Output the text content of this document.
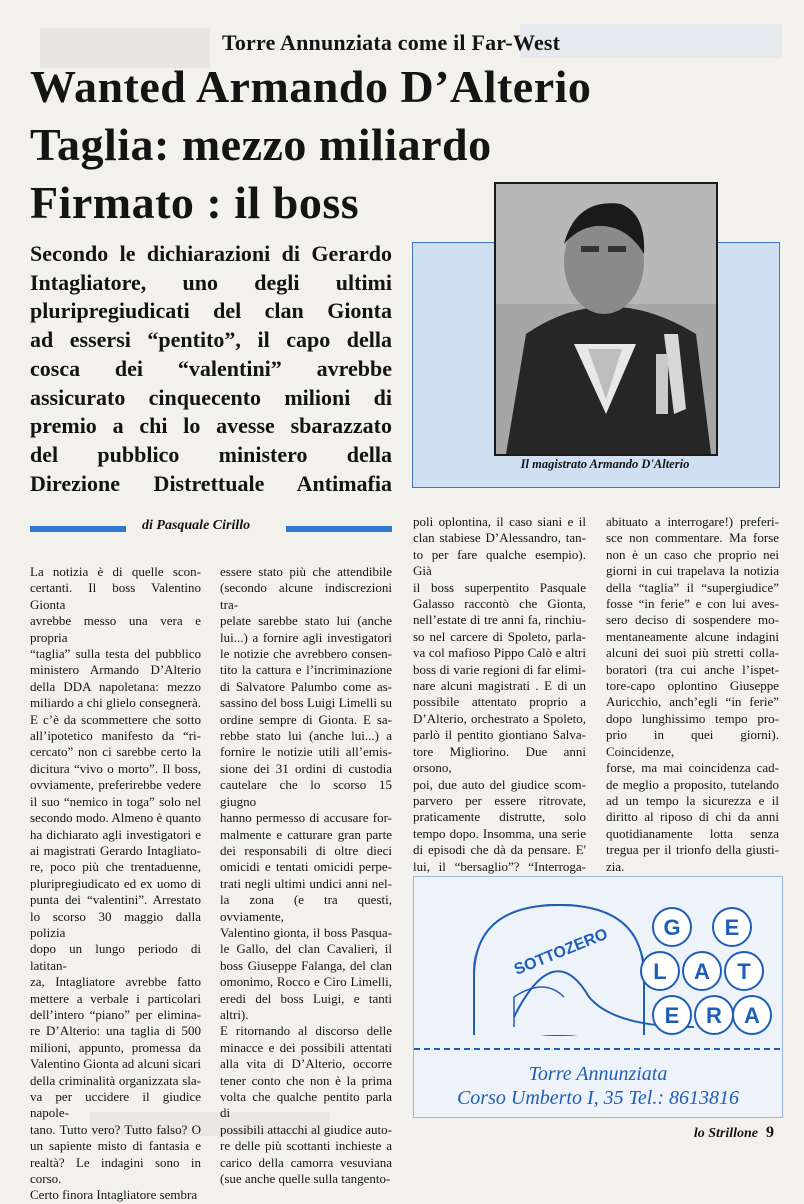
Torre Annunziata come il Far-West
Wanted Armando D’Alterio
Taglia: mezzo miliardo
Firmato : il boss

Secondo le dichiarazioni di Gerardo

Intagliatore, uno degli ultimi

pluripregiudicati del clan Gionta

ad essersi “pentito”, il capo della

cosca dei “valentini” avrebbe

assicurato cinquecento milioni di

premio a chi lo avesse sbarazzato

del pubblico ministero della

Direzione Distrettuale Antimafia

Il magistrato Armando D'Alterio
di Pasquale Cirillo

La notizia è di quelle scon-

certanti. Il boss Valentino Gionta

avrebbe messo una vera e propria

“taglia” sulla testa del pubblico

ministero Armando D’Alterio

della DDA napoletana: mezzo

miliardo a chi glielo consegnerà.

E c’è da scommettere che sotto

all’ipotetico manifesto da “ri-

cercato” non ci sarebbe certo la

dicitura “vivo o morto”. Il boss,

ovviamente, preferirebbe vedere

il suo “nemico in toga” solo nel

secondo modo. Almeno è quanto

ha dichiarato agli investigatori e

ai magistrati Gerardo Intagliato-

re, poco più che trentaduenne,

pluripregiudicato ed ex uomo di

punta dei “valentini”. Arrestato

lo scorso 30 maggio dalla polizia

dopo un lungo periodo di latitan-

za, Intagliatore avrebbe fatto

mettere a verbale i particolari

dell’intero “piano” per elimina-

re D’Alterio: una taglia di 500

milioni, appunto, promessa da

Valentino Gionta ad alcuni sicari

della criminalità organizzata sla-

va per uccidere il giudice napole-

tano. Tutto vero? Tutto falso? O

un sapiente misto di fantasia e

realtà? Le indagini sono in corso.

Certo finora Intagliatore sembra

essere stato più che attendibile

(secondo alcune indiscrezioni tra-

pelate sarebbe stato lui (anche

lui...) a fornire agli investigatori

le notizie che avrebbero consen-

tito la cattura e l’incriminazione

di Salvatore Palumbo come as-

sassino del boss Luigi Limelli su

ordine sempre di Gionta. E sa-

rebbe stato lui (anche lui...) a

fornire le notizie utili all’emis-

sione dei 31 ordini di custodia

cautelare che lo scorso 15 giugno

hanno permesso di accusare for-

malmente e catturare gran parte

dei responsabili di oltre dieci

omicidi e tentati omicidi perpe-

trati negli ultimi undici anni nel-

la zona (e tra questi, ovviamente,

Valentino gionta, il boss Pasqua-

le Gallo, del clan Cavalieri, il

boss Giuseppe Falanga, del clan

omonimo, Rocco e Ciro Limelli,

eredi del boss Luigi, e tanti altri).

E ritornando al discorso delle

minacce e dei possibili attentati

alla vita di D’Alterio, occorre

tener conto che non è la prima

volta che qualche pentito parla di

possibili attacchi al giudice auto-

re delle più scottanti inchieste a

carico della camorra vesuviana

(sue anche quelle sulla tangento-

poli oplontina, il caso siani e il

clan stabiese D’Alessandro, tan-

to per fare qualche esempio). Già

il boss superpentito Pasquale

Galasso raccontò che Gionta,

nell’estate di tre anni fa, rinchiu-

so nel carcere di Spoleto, parla-

va col mafioso Pippo Calò e altri

boss di varie regioni di far elimi-

nare alcuni magistrati . E di un

possibile attentato proprio a

D’Alterio, orchestrato a Spoleto,

parlò il pentito giontiano Salva-

tore Migliorino. Due anni orsono,

poi, due auto del giudice scom-

parvero per essere ritrovate,

praticamente distrutte, solo

tempo dopo. Insomma, una serie

di episodi che dà da pensare. E'

lui, il “bersaglio”? “Interroga-

abituato a interrogare!) preferi-

sce non commentare. Ma forse

non è un caso che proprio nei

giorni in cui trapelava la notizia

della “taglia” il “supergiudice”

fosse “in ferie” e con lui aves-

sero deciso di sospendere mo-

mentaneamente alcune indagini

alcuni dei suoi più stretti colla-

boratori (tra cui anche l’ispet-

tore-capo oplontino Giuseppe

Auricchio, anch’egli “in ferie”

dopo lunghissimo tempo pro-

prio in quei giorni). Coincidenze,

forse, ma mai coincidenza cad-

de meglio a proposito, tutelando

ad un tempo la sicurezza e il

diritto al riposo di chi da anni

quotidianamente lotta senza

tregua per il trionfo della giusti-

zia.

SOTTOZERO G E
L A T
E R A
Torre Annunziata
Corso Umberto I, 35 Tel.: 8613816
lo Strillone 9
